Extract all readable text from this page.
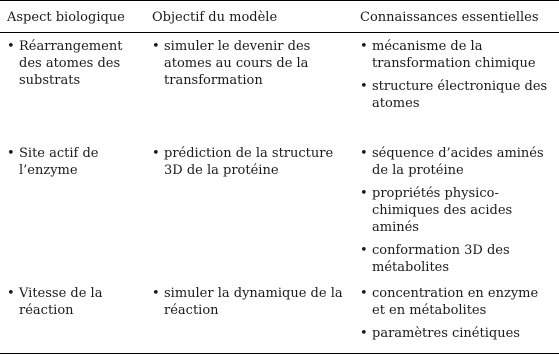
Aspect biologique Objectif du modèle	Connaissances essentielles
• Réarrangement des atomes des substrats
• simuler le devenir des atomes au cours de la transformation
• mécanisme de la transformation chimique
• structure électronique des atomes
• Site actif de l’enzyme
• prédiction de la structure 3D de la protéine
• séquence d’acides aminés de la protéine
• propriétés physico-chimiques des acides aminés
• conformation 3D des métabolites
• Vitesse de la réaction
• simuler la dynamique de la réaction
• concentration en enzyme et en métabolites
• paramètres cinétiques
